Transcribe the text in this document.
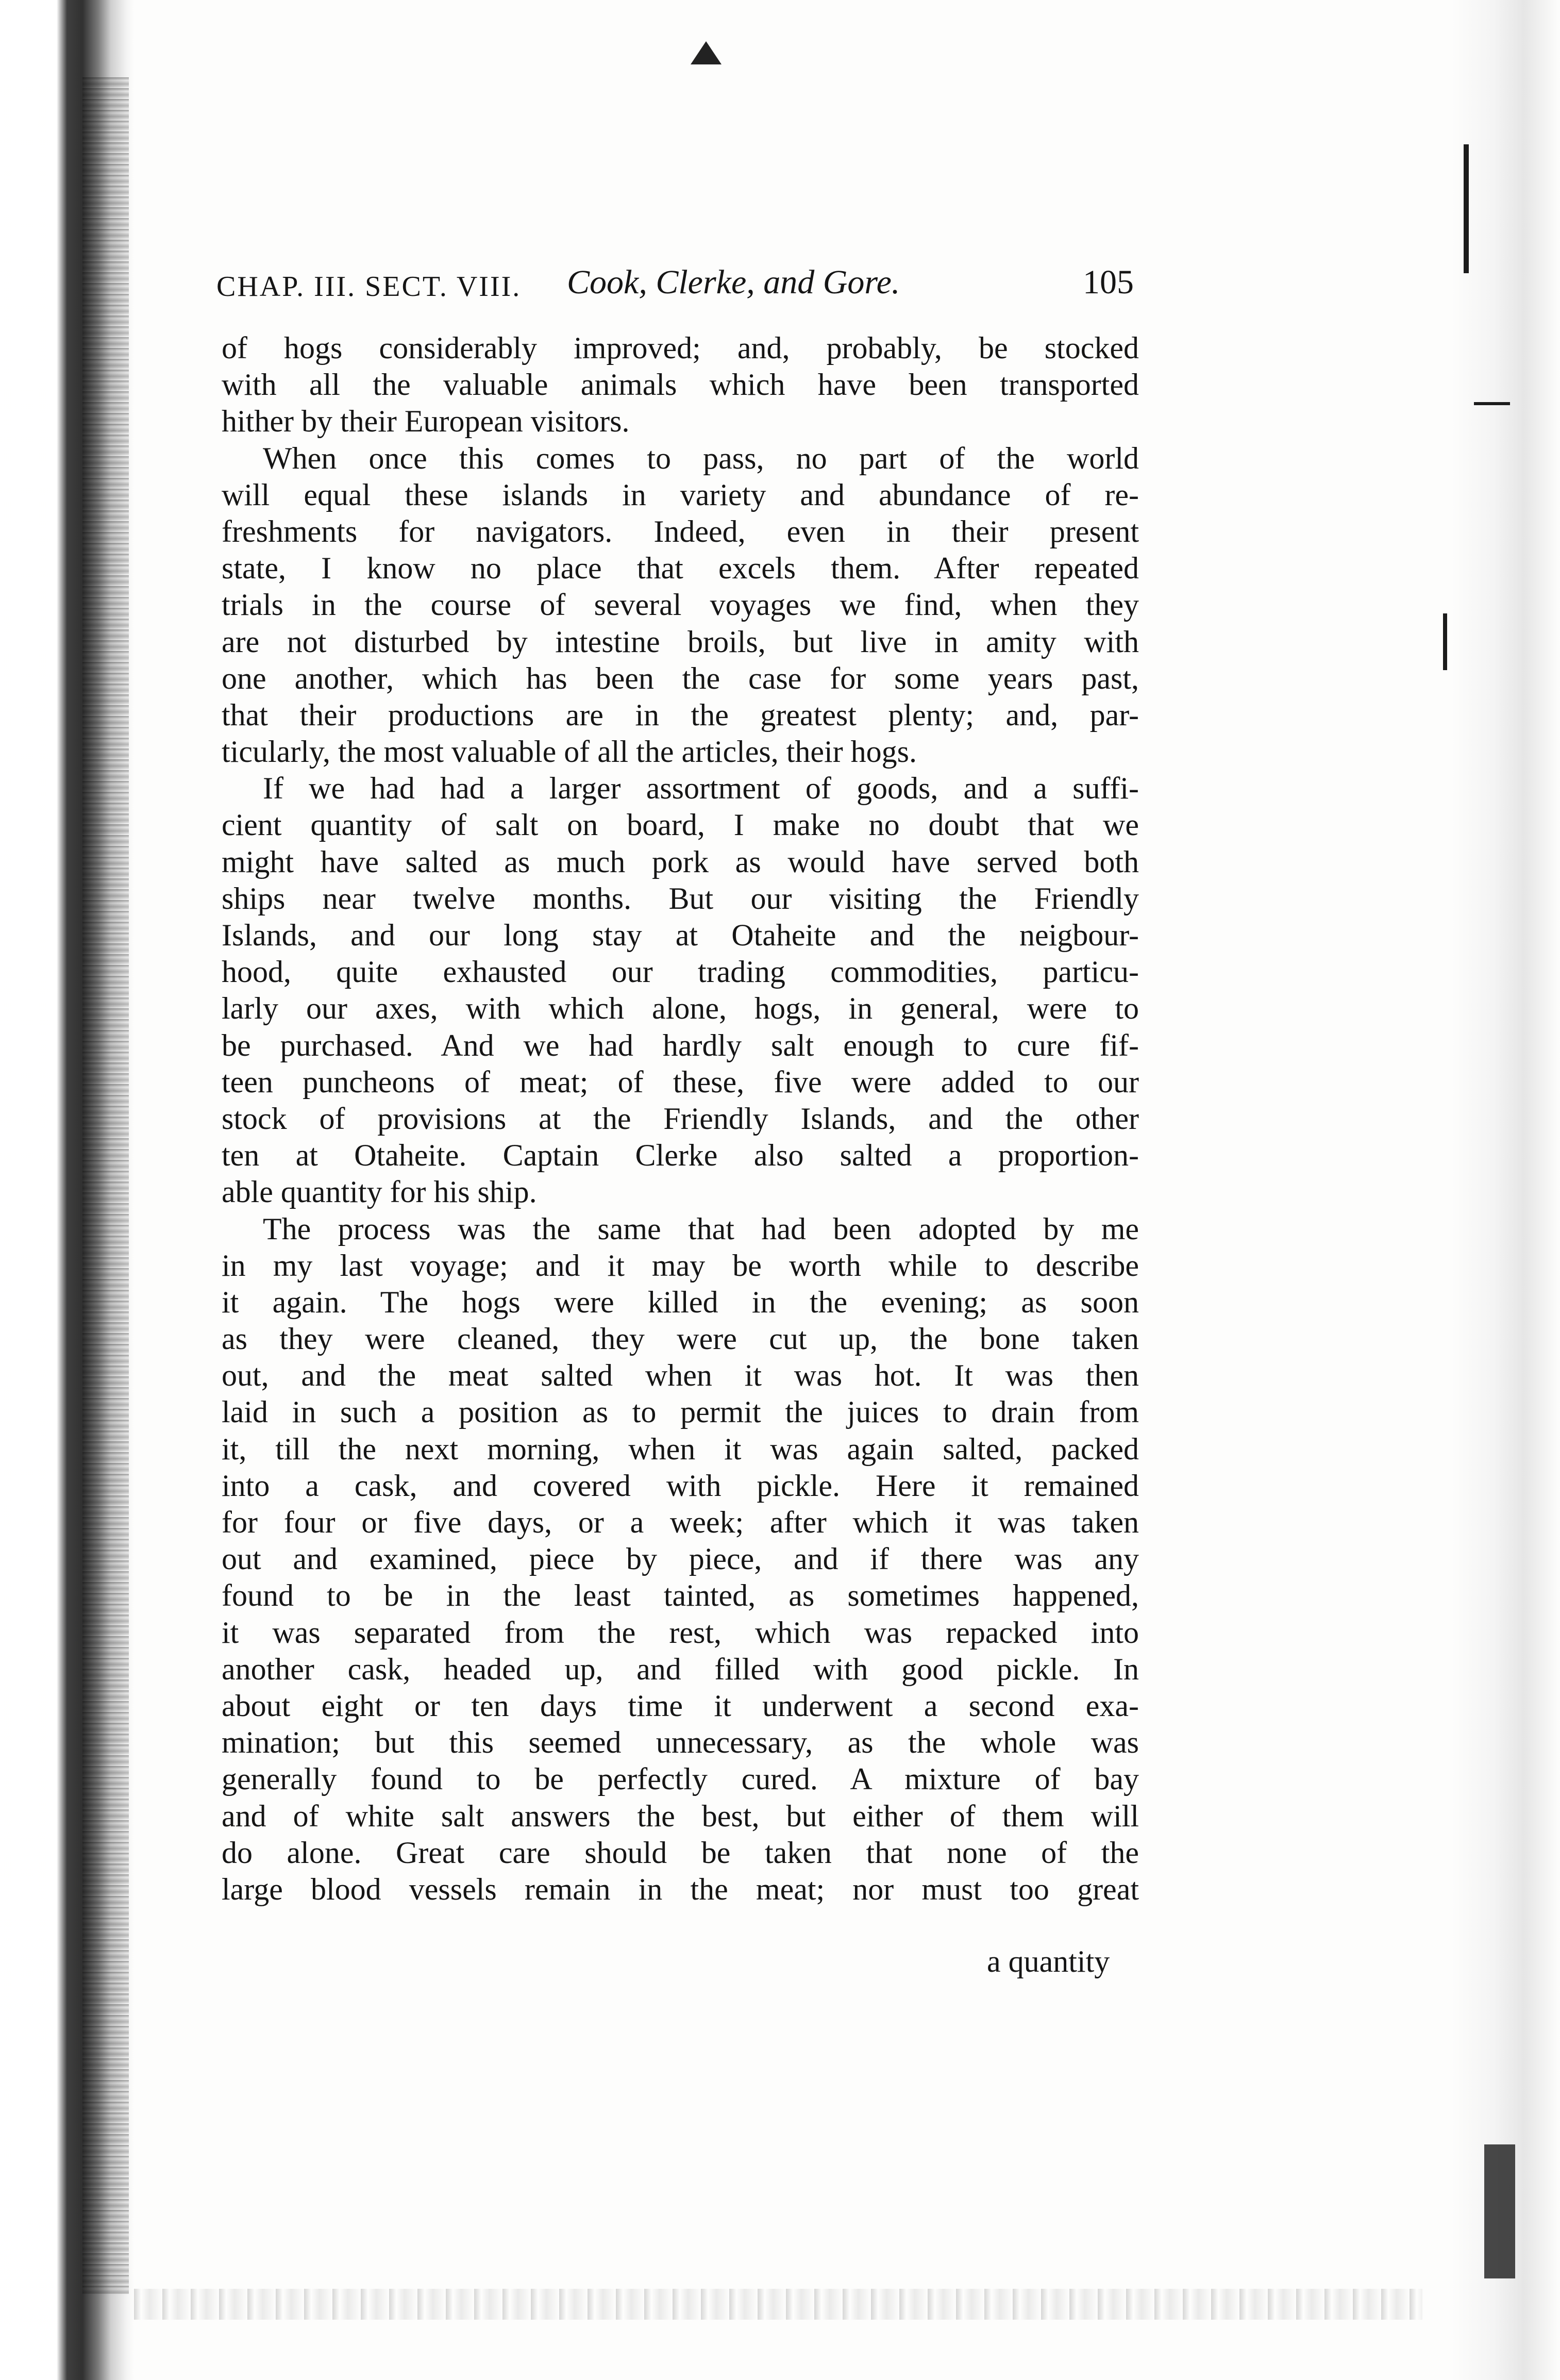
CHAP. III. SECT. VIII. Cook, Clerke, and Gore.	105
of hogs considerably improved; and, probably, be stocked
with all the valuable animals which have been transported
hither by their European visitors.
When once this comes to pass, no part of the world
will equal these islands in variety and abundance of re-
freshments for navigators. Indeed, even in their present
state, I know no place that excels them. After repeated
trials in the course of several voyages we find, when they
are not disturbed by intestine broils, but live in amity with
one another, which has been the case for some years past,
that their productions are in the greatest plenty; and, par-
ticularly, the most valuable of all the articles, their hogs.
If we had had a larger assortment of goods, and a suffi-
cient quantity of salt on board, I make no doubt that we
might have salted as much pork as would have served both
ships near twelve months. But our visiting the Friendly
Islands, and our long stay at Otaheite and the neigbour-
hood, quite exhausted our trading commodities, particu-
larly our axes, with which alone, hogs, in general, were to
be purchased. And we had hardly salt enough to cure fif-
teen puncheons of meat; of these, five were added to our
stock of provisions at the Friendly Islands, and the other
ten at Otaheite. Captain Clerke also salted a proportion-
able quantity for his ship.
The process was the same that had been adopted by me
in my last voyage; and it may be worth while to describe
it again. The hogs were killed in the evening; as soon
as they were cleaned, they were cut up, the bone taken
out, and the meat salted when it was hot. It was then
laid in such a position as to permit the juices to drain from
it, till the next morning, when it was again salted, packed
into a cask, and covered with pickle. Here it remained
for four or five days, or a week; after which it was taken
out and examined, piece by piece, and if there was any
found to be in the least tainted, as sometimes happened,
it was separated from the rest, which was repacked into
another cask, headed up, and filled with good pickle. In
about eight or ten days time it underwent a second exa-
mination; but this seemed unnecessary, as the whole was
generally found to be perfectly cured. A mixture of bay
and of white salt answers the best, but either of them will
do alone. Great care should be taken that none of the
large blood vessels remain in the meat; nor must too great
a quantity
